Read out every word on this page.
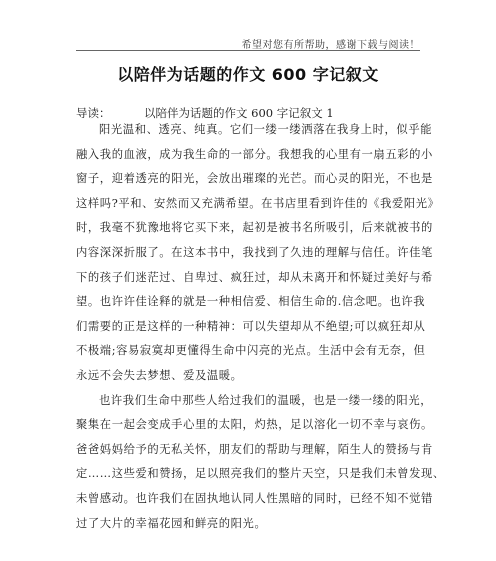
希望对您有所帮助，感谢下载与阅读！
以陪伴为话题的作文 600 字记叙文
导读：	以陪伴为话题的作文 600 字记叙文 1

阳光温和、透亮、纯真。它们一缕一缕洒落在我身上时，似乎能
融入我的血液，成为我生命的一部分。我想我的心里有一扇五彩的小
窗子，迎着透亮的阳光，会放出璀璨的光芒。而心灵的阳光，不也是
这样吗?平和、安然而又充满希望。在书店里看到许佳的《我爱阳光》
时，我毫不犹豫地将它买下来，起初是被书名所吸引，后来就被书的
内容深深折服了。在这本书中，我找到了久违的理解与信任。许佳笔
下的孩子们迷茫过、自卑过、疯狂过，却从未离开和怀疑过美好与希
望。也许许佳诠释的就是一种相信爱、相信生命的.信念吧。也许我
们需要的正是这样的一种精神：可以失望却从不绝望;可以疯狂却从
不极端;容易寂寞却更懂得生命中闪亮的光点。生活中会有无奈，但
永远不会失去梦想、爱及温暖。

也许我们生命中那些人给过我们的温暖，也是一缕一缕的阳光，
聚集在一起会变成手心里的太阳，灼热，足以溶化一切不幸与哀伤。
爸爸妈妈给予的无私关怀，朋友们的帮助与理解，陌生人的赞扬与肯
定……这些爱和赞扬，足以照亮我们的整片天空，只是我们未曾发现、
未曾感动。也许我们在固执地认同人性黑暗的同时，已经不知不觉错
过了大片的幸福花园和鲜亮的阳光。
